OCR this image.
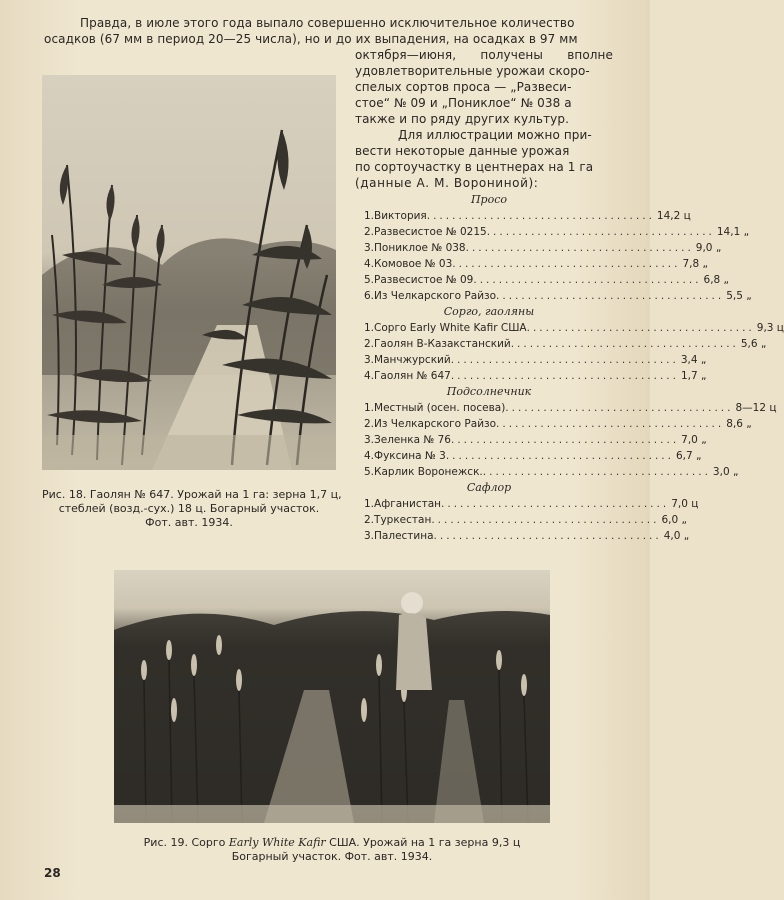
Правда, в июле этого года выпало совершенно исключительное количество
осадков (67 мм в период 20—25 числа), но и до их выпадения, на осадках в 97 мм
октября—июня, получены вполне
удовлетворительные урожаи скоро-
спелых сортов проса — „Развеси-
стое“ № 09 и „Пониклое“ № 038 а
также и по ряду других культур.
Для иллюстрации можно при-
вести некоторые данные урожая
по сортоучастку в центнерах на 1 га
(данные А. М. Ворониной):
Рис. 18. Гаолян № 647. Урожай на 1 га: зерна 1,7 ц,
стеблей (возд.-сух.) 18 ц. Богарный участок.
Фот. авт. 1934.
Просо
1. Виктория .................................... 14,2 ц
2. Развесистое № 0215 .................................... 14,1 „
3. Пониклое № 038 .................................... 9,0 „
4. Комовое № 03 .................................... 7,8 „
5. Развесистое № 09 .................................... 6,8 „
6. Из Челкарского Райзо .................................... 5,5 „
Сорго, гаоляны
1. Сорго Early White Kafir США .................................... 9,3 ц
2. Гаолян В-Казакстанский .................................... 5,6 „
3. Манчжурский .................................... 3,4 „
4. Гаолян № 647 .................................... 1,7 „
Подсолнечник
1. Местный (осен. посева) .................................... 8—12 ц
2. Из Челкарского Райзо .................................... 8,6 „
3. Зеленка № 76 .................................... 7,0 „
4. Фуксина № 3 .................................... 6,7 „
5. Карлик Воронежск. .................................... 3,0 „
Сафлор
1. Афганистан .................................... 7,0 ц
2. Туркестан .................................... 6,0 „
3. Палестина .................................... 4,0 „
Рис. 19. Сорго Early White Kafir США. Урожай на 1 га зерна 9,3 ц
Богарный участок. Фот. авт. 1934.
28
